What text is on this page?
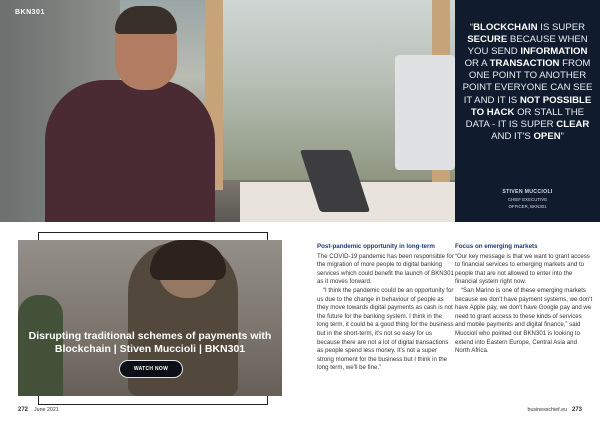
BKN301
“BLOCKCHAIN IS SUPER SECURE BECAUSE WHEN YOU SEND INFORMATION OR A TRANSACTION FROM ONE POINT TO ANOTHER POINT EVERYONE CAN SEE IT AND IT IS NOT POSSIBLE TO HACK OR STALL THE DATA - IT IS SUPER CLEAR AND IT'S OPEN”
STIVEN MUCCIOLI
CHIEF EXECUTIVE
OFFICER, BKN301
Disrupting traditional schemes of payments with Blockchain | Stiven Muccioli | BKN301
WATCH NOW
Post-pandemic opportunity in long-term

The COVID-19 pandemic has been responsible for the migration of more people to digital banking services which could benefit the launch of BKN301 as it moves forward.

“I think the pandemic could be an opportunity for us due to the change in behaviour of people as they move towards digital payments as cash is not the future for the banking system. I think in the long term, it could be a good thing for the business but in the short-term, it's not so easy for us because there are not a lot of digital transactions as people spend less money. It's not a super strong moment for the business but I think in the long term, we'll be fine.”

Focus on emerging markets

“Our key message is that we want to grant access to financial services to emerging markets and to people that are not allowed to enter into the financial system right now.

“San Marino is one of these emerging markets because we don't have payment systems, we don't have Apple pay, we don't have Google pay and we need to grant access to these kinds of services and mobile payments and digital finance,” said Muccioli who pointed out BKN301 is looking to extend into Eastern Europe, Central Asia and North Africa.

272 June 2021	businesschief.eu 273
